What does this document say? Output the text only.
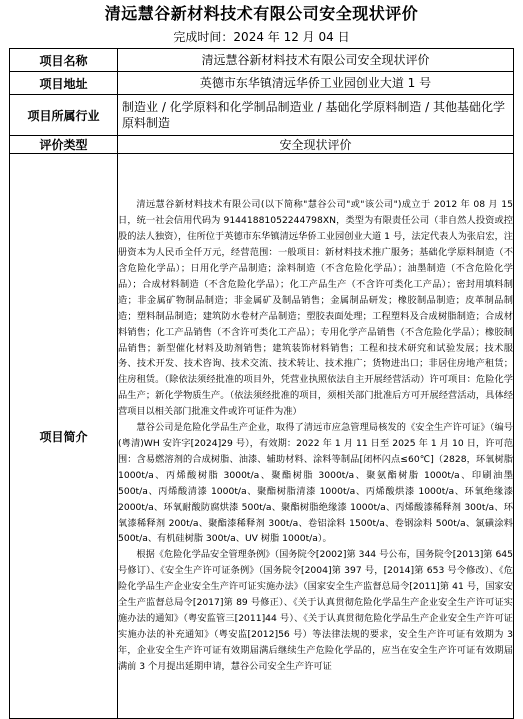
清远慧谷新材料技术有限公司安全现状评价
完成时间：2024 年 12 月 04 日
项目名称	清远慧谷新材料技术有限公司安全现状评价
项目地址	英德市东华镇清远华侨工业园创业大道 1 号
项目所属行业	制造业 / 化学原料和化学制品制造业 / 基础化学原料制造 / 其他基础化学原料制造
评价类型	安全现状评价
项目简介	清远慧谷新材料技术有限公司(以下简称"慧谷公司"或"该公司")成立于 2012 年 08 月 15 日，统一社会信用代码为 91441881052244798XN，类型为有限责任公司（非自然人投资或控股的法人独资），住所位于英德市东华镇清远华侨工业园创业大道 1 号，法定代表人为张启宏，注册资本为人民币全仟万元，经营范围：一般项目：新材料技术推广服务；基础化学原料制造（不含危险化学品）；日用化学产品制造；涂料制造（不含危险化学品）；油墨制造（不含危险化学品）；合成材料制造（不含危险化学品）；化工产品生产（不含许可类化工产品）；密封用填料制造；非金属矿物制品制造；非金属矿及制品销售；金属制品研发；橡胶制品制造；皮革制品制造；塑料制品制造；建筑防水卷材产品制造；塑胶表面处理；工程塑料及合成树脂制造；合成材料销售；化工产品销售（不含许可类化工产品）；专用化学产品销售（不含危险化学品）；橡胶制品销售；新型催化材料及助剂销售；建筑装饰材料销售；工程和技术研究和试验发展；技术服务、技术开发、技术咨询、技术交流、技术转让、技术推广；货物进出口；非居住房地产租赁；住房租赁。（除依法须经批准的项目外，凭营业执照依法自主开展经营活动）许可项目：危险化学品生产；新化学物质生产。（依法须经批准的项目，须相关部门批准后方可开展经营活动，具体经营项目以相关部门批准文件或许可证件为准）

慧谷公司是危险化学品生产企业，取得了清远市应急管理局核发的《安全生产许可证》（编号(粤清)WH 安许字[2024]29 号），有效期：2022 年 1 月 11 日至 2025 年 1 月 10 日，许可范围：含易燃溶剂的合成树脂、油漆、辅助材料、涂料等制品[闭杯闪点≤60℃]（2828，环氧树脂 1000t/a、丙烯酸树脂 3000t/a、聚酯树脂 3000t/a、聚氨酯树脂 1000t/a、印刷油墨 500t/a、丙烯酸清漆 1000t/a、聚酯树脂清漆 1000t/a、丙烯酸烘漆 1000t/a、环氧绝缘漆 2000t/a、环氧耐酸防腐烘漆 500t/a、聚酯树脂绝缘漆 1000t/a、丙烯酸漆稀释剂 300t/a、环氧漆稀释剂 200t/a、聚酯漆稀释剂 300t/a、卷铝涂料 1500t/a、卷钢涂料 500t/a、氯磺涂料 500t/a、有机硅树脂 300t/a、UV 树脂 1000t/a）。

根据《危险化学品安全管理条例》（国务院令[2002]第 344 号公布，国务院令[2013]第 645 号修订）、《安全生产许可证条例》（国务院令[2004]第 397 号，[2014]第 653 号令修改）、《危险化学品生产企业安全生产许可证实施办法》（国家安全生产监督总局令[2011]第 41 号，国家安全生产监督总局令[2017]第 89 号修正）、《关于认真贯彻危险化学品生产企业安全生产许可证实施办法的通知》（粤安监管三[2011]44 号）、《关于认真贯彻危险化学品生产企业安全生产许可证实施办法的补充通知》（粤安监[2012]56 号）等法律法规的要求，安全生产许可证有效期为 3 年，企业安全生产许可证有效期届满后继续生产危险化学品的，应当在安全生产许可证有效期届满前 3 个月提出延期申请，慧谷公司安全生产许可证
